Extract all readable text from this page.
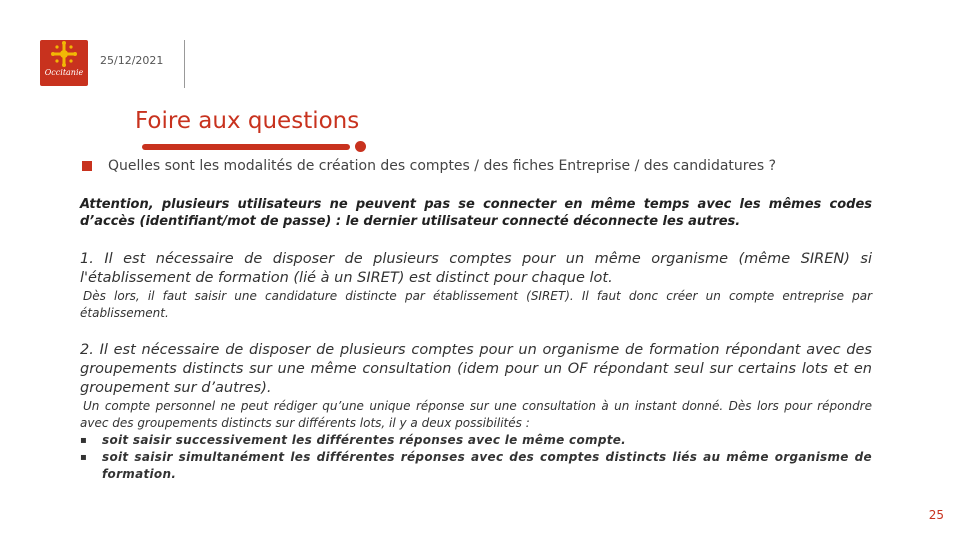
Occitanie
25/12/2021
Foire aux questions
Quelles sont les modalités de création des comptes / des fiches Entreprise / des candidatures ?
Attention, plusieurs utilisateurs ne peuvent pas se connecter en même temps avec les mêmes codes d’accès (identifiant/mot de passe) : le dernier utilisateur connecté déconnecte les autres.
1. Il est nécessaire de disposer de plusieurs comptes pour un même organisme (même SIREN) si l'établissement de formation (lié à un SIRET) est distinct pour chaque lot.
Dès lors, il faut saisir une candidature distincte par établissement (SIRET). Il faut donc créer un compte entreprise par établissement.
2. Il est nécessaire de disposer de plusieurs comptes pour un organisme de formation répondant avec des groupements distincts sur une même consultation (idem pour un OF répondant seul sur certains lots et en groupement sur d’autres).
Un compte personnel ne peut rédiger qu’une unique réponse sur une consultation à un instant donné. Dès lors pour répondre avec des groupements distincts sur différents lots, il y a deux possibilités :
▪ soit saisir successivement les différentes réponses avec le même compte.
▪ soit saisir simultanément les différentes réponses avec des comptes distincts liés au même organisme de formation.
25
